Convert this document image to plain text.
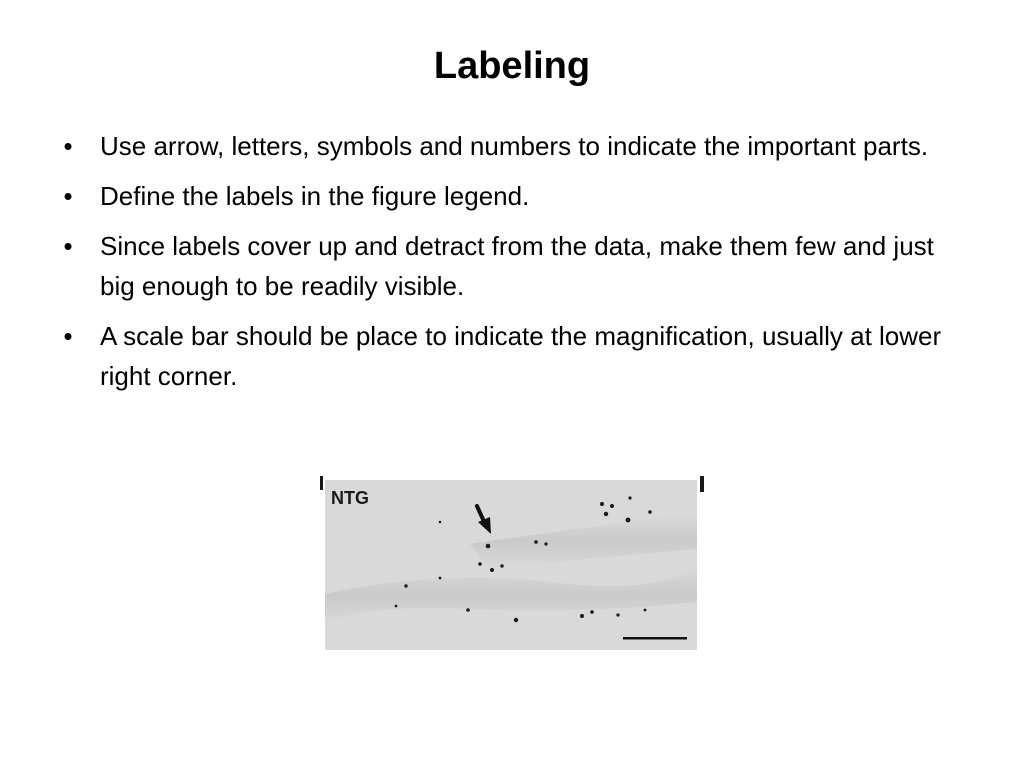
Labeling
• Use arrow, letters, symbols and numbers to indicate the important parts.
• Define the labels in the figure legend.
• Since labels cover up and detract from the data, make them few and just big enough to be readily visible.
• A scale bar should be place to indicate the magnification, usually at lower right corner.
NTG
